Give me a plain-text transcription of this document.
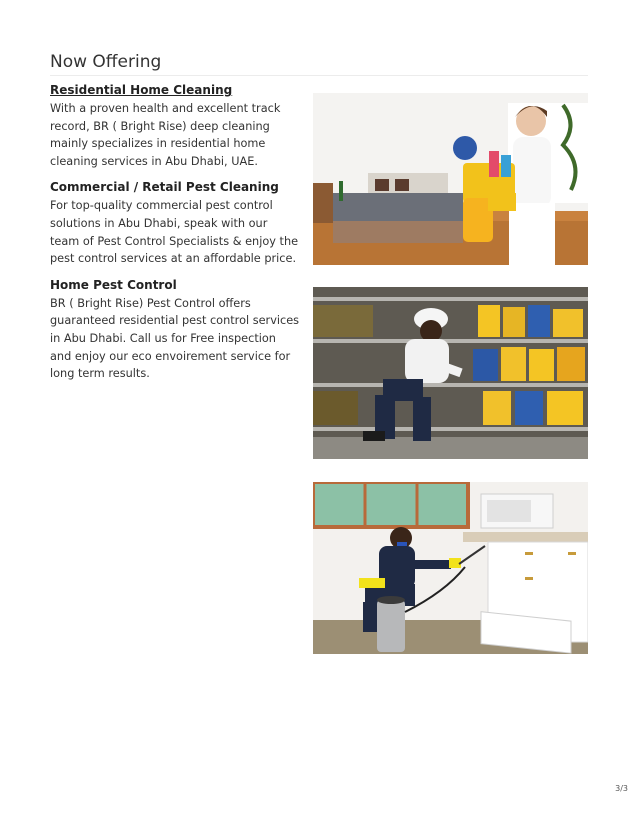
Now Offering
Residential Home Cleaning
With a proven health and excellent track record, BR ( Bright Rise) deep cleaning mainly specializes in residential home cleaning services in Abu Dhabi, UAE.
Commercial / Retail Pest Cleaning
For top-quality commercial pest control solutions in Abu Dhabi, speak with our team of Pest Control Specialists & enjoy the pest control services at an affordable price.
Home Pest Control
BR ( Bright Rise) Pest Control offers guaranteed residential pest control services in Abu Dhabi. Call us for Free inspection and enjoy our eco envoirement service for long term results.
3/3
